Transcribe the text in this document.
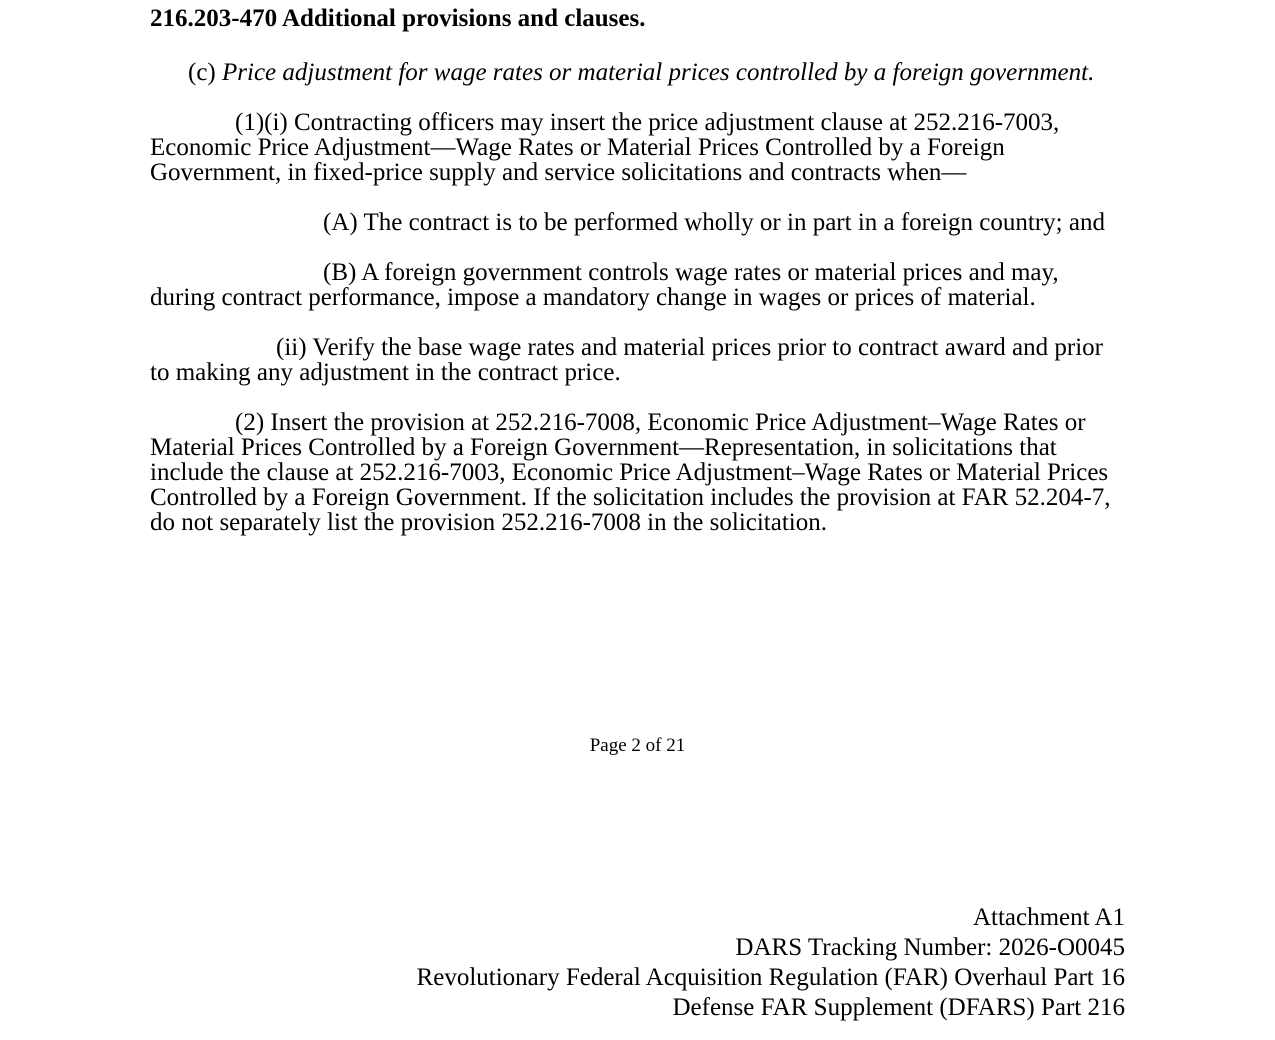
216.203-470 Additional provisions and clauses.

(c) Price adjustment for wage rates or material prices controlled by a foreign government.

(1)(i) Contracting officers may insert the price adjustment clause at 252.216-7003, Economic Price Adjustment—Wage Rates or Material Prices Controlled by a Foreign Government, in fixed-price supply and service solicitations and contracts when—

(A) The contract is to be performed wholly or in part in a foreign country; and

(B) A foreign government controls wage rates or material prices and may, during contract performance, impose a mandatory change in wages or prices of material.

(ii) Verify the base wage rates and material prices prior to contract award and prior to making any adjustment in the contract price.

(2) Insert the provision at 252.216-7008, Economic Price Adjustment–Wage Rates or Material Prices Controlled by a Foreign Government—Representation, in solicitations that include the clause at 252.216-7003, Economic Price Adjustment–Wage Rates or Material Prices Controlled by a Foreign Government. If the solicitation includes the provision at FAR 52.204-7, do not separately list the provision 252.216-7008 in the solicitation.

Page 2 of 21
Attachment A1
DARS Tracking Number: 2026-O0045
Revolutionary Federal Acquisition Regulation (FAR) Overhaul Part 16
Defense FAR Supplement (DFARS) Part 216
